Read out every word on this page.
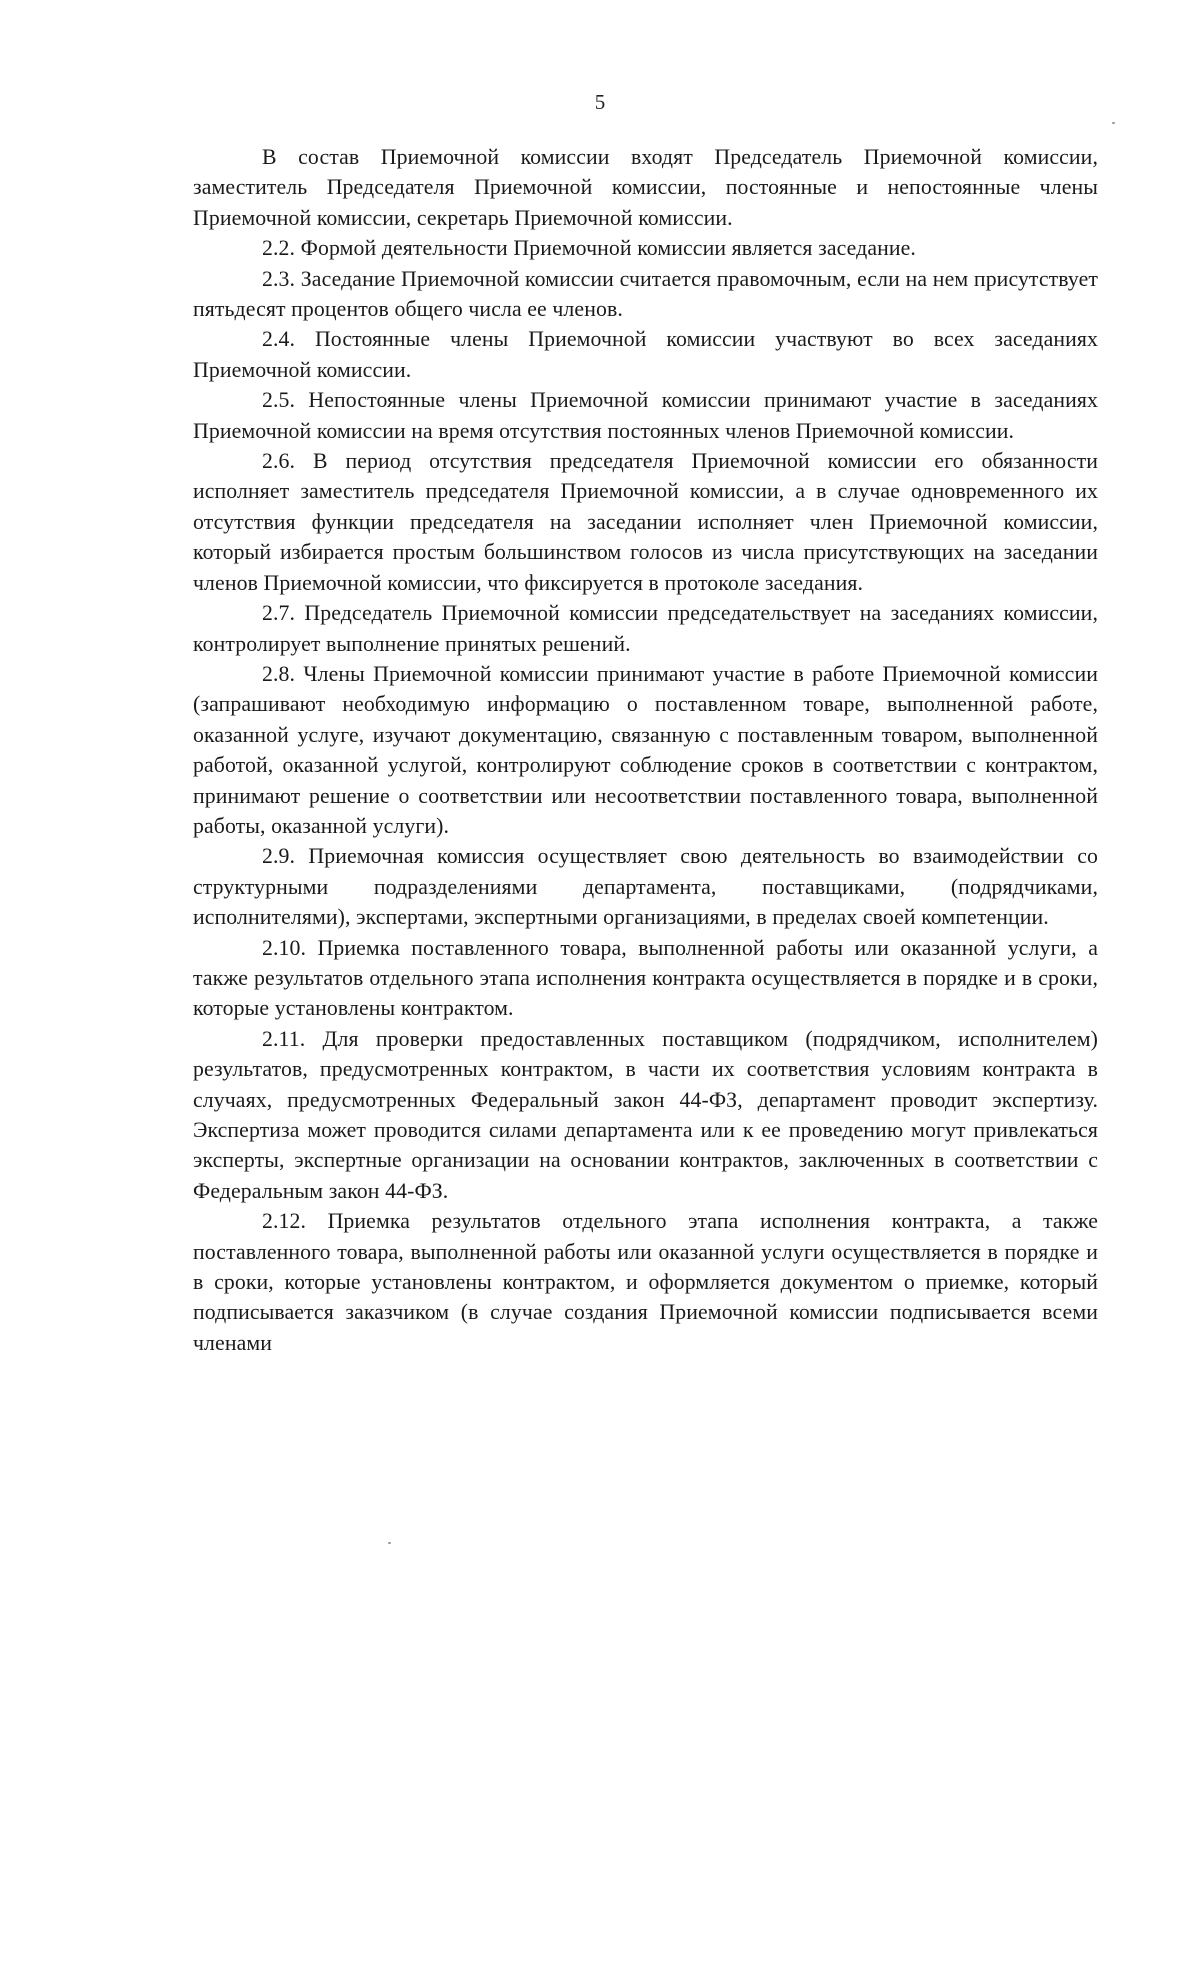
5

В состав Приемочной комиссии входят Председатель Приемочной комиссии, заместитель Председателя Приемочной комиссии, постоянные и непостоянные члены Приемочной комиссии, секретарь Приемочной комиссии.

2.2. Формой деятельности Приемочной комиссии является заседание.

2.3. Заседание Приемочной комиссии считается правомочным, если на нем присутствует пятьдесят процентов общего числа ее членов.

2.4. Постоянные члены Приемочной комиссии участвуют во всех заседаниях Приемочной комиссии.

2.5. Непостоянные члены Приемочной комиссии принимают участие в заседаниях Приемочной комиссии на время отсутствия постоянных членов Приемочной комиссии.

2.6. В период отсутствия председателя Приемочной комиссии его обязанности исполняет заместитель председателя Приемочной комиссии, а в случае одновременного их отсутствия функции председателя на заседании исполняет член Приемочной комиссии, который избирается простым большинством голосов из числа присутствующих на заседании членов Приемочной комиссии, что фиксируется в протоколе заседания.

2.7. Председатель Приемочной комиссии председательствует на заседаниях комиссии, контролирует выполнение принятых решений.

2.8. Члены Приемочной комиссии принимают участие в работе Приемочной комиссии (запрашивают необходимую информацию о поставленном товаре, выполненной работе, оказанной услуге, изучают документацию, связанную с поставленным товаром, выполненной работой, оказанной услугой, контролируют соблюдение сроков в соответствии с контрактом, принимают решение о соответствии или несоответствии поставленного товара, выполненной работы, оказанной услуги).

2.9. Приемочная комиссия осуществляет свою деятельность во взаимодействии со структурными подразделениями департамента, поставщиками, (подрядчиками, исполнителями), экспертами, экспертными организациями, в пределах своей компетенции.

2.10. Приемка поставленного товара, выполненной работы или оказанной услуги, а также результатов отдельного этапа исполнения контракта осуществляется в порядке и в сроки, которые установлены контрактом.

2.11. Для проверки предоставленных поставщиком (подрядчиком, исполнителем) результатов, предусмотренных контрактом, в части их соответствия условиям контракта в случаях, предусмотренных Федеральный закон 44-ФЗ, департамент проводит экспертизу. Экспертиза может проводится силами департамента или к ее проведению могут привлекаться эксперты, экспертные организации на основании контрактов, заключенных в соответствии с Федеральным закон 44-ФЗ.

2.12. Приемка результатов отдельного этапа исполнения контракта, а также поставленного товара, выполненной работы или оказанной услуги осуществляется в порядке и в сроки, которые установлены контрактом, и оформляется документом о приемке, который подписывается заказчиком (в случае создания Приемочной комиссии подписывается всеми членами
